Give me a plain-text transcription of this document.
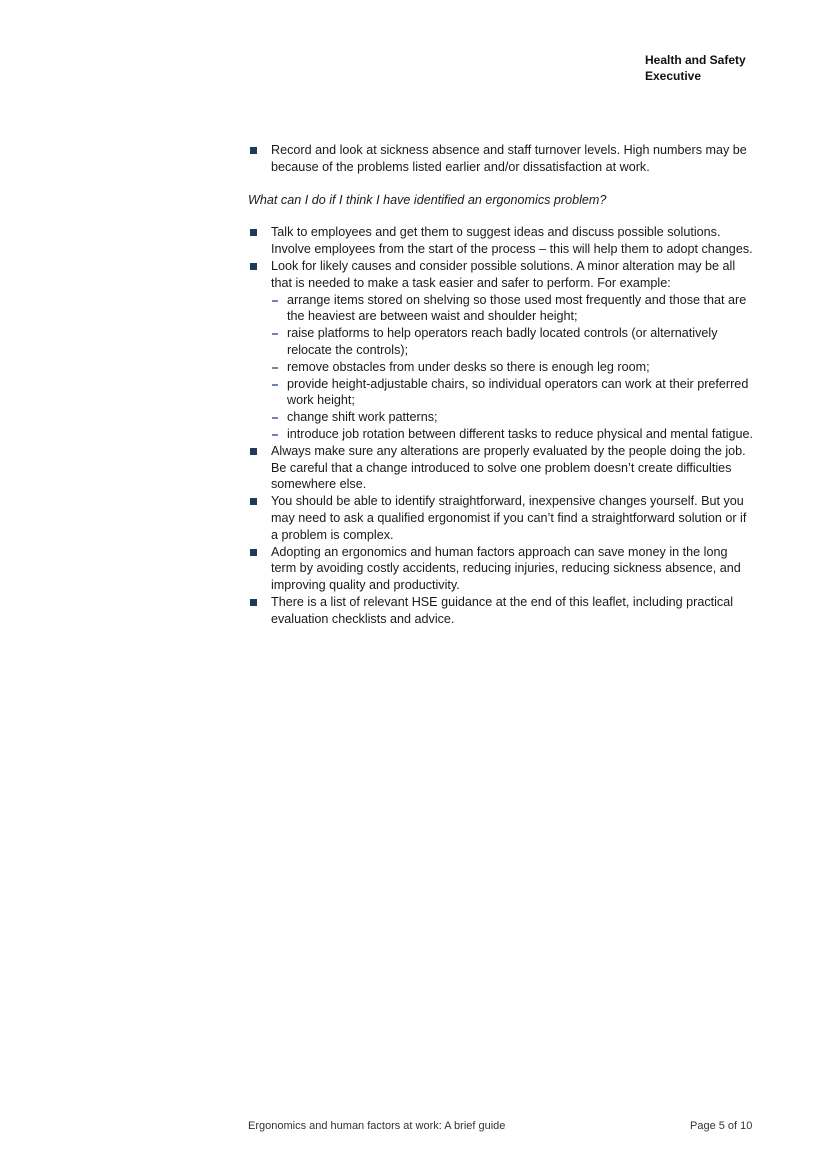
Health and Safety
Executive
Record and look at sickness absence and staff turnover levels. High numbers may be because of the problems listed earlier and/or dissatisfaction at work.
What can I do if I think I have identified an ergonomics problem?
Talk to employees and get them to suggest ideas and discuss possible solutions. Involve employees from the start of the process – this will help them to adopt changes.
Look for likely causes and consider possible solutions. A minor alteration may be all that is needed to make a task easier and safer to perform. For example:
arrange items stored on shelving so those used most frequently and those that are the heaviest are between waist and shoulder height;
raise platforms to help operators reach badly located controls (or alternatively relocate the controls);
remove obstacles from under desks so there is enough leg room;
provide height-adjustable chairs, so individual operators can work at their preferred work height;
change shift work patterns;
introduce job rotation between different tasks to reduce physical and mental fatigue.
Always make sure any alterations are properly evaluated by the people doing the job. Be careful that a change introduced to solve one problem doesn’t create difficulties somewhere else.
You should be able to identify straightforward, inexpensive changes yourself. But you may need to ask a qualified ergonomist if you can’t find a straightforward solution or if a problem is complex.
Adopting an ergonomics and human factors approach can save money in the long term by avoiding costly accidents, reducing injuries, reducing sickness absence, and improving quality and productivity.
There is a list of relevant HSE guidance at the end of this leaflet, including practical evaluation checklists and advice.
Ergonomics and human factors at work: A brief guide	Page 5 of 10
